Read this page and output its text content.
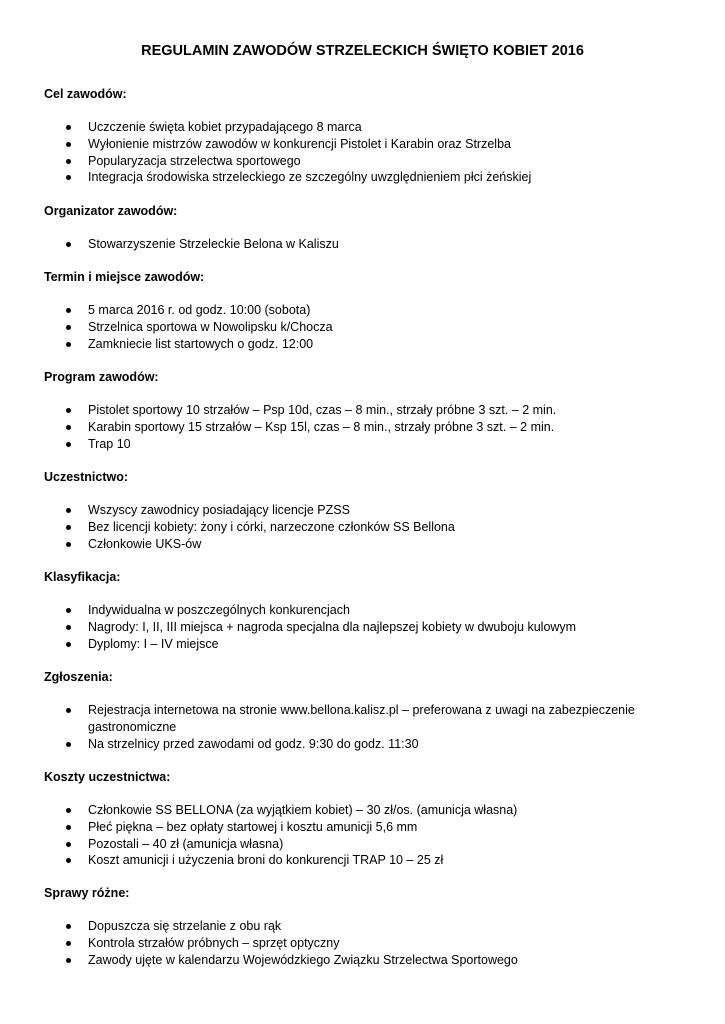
REGULAMIN ZAWODÓW STRZELECKICH ŚWIĘTO KOBIET 2016
Cel zawodów:
Uczczenie święta kobiet przypadającego 8 marca
Wyłonienie mistrzów zawodów w konkurencji Pistolet i Karabin oraz Strzelba
Popularyzacja strzelectwa sportowego
Integracja środowiska strzeleckiego ze szczególny uwzględnieniem płci żeńskiej
Organizator zawodów:
Stowarzyszenie Strzeleckie Belona w Kaliszu
Termin i miejsce zawodów:
5 marca 2016 r. od godz. 10:00 (sobota)
Strzelnica sportowa w Nowolipsku k/Chocza
Zamkniecie list startowych o godz. 12:00
Program zawodów:
Pistolet sportowy 10 strzałów – Psp 10d, czas – 8 min., strzały próbne 3 szt. – 2 min.
Karabin sportowy 15 strzałów – Ksp 15l, czas – 8 min., strzały próbne 3 szt. – 2 min.
Trap 10
Uczestnictwo:
Wszyscy zawodnicy posiadający licencje PZSS
Bez licencji kobiety: żony i córki, narzeczone członków SS Bellona
Członkowie UKS-ów
Klasyfikacja:
Indywidualna w poszczególnych konkurencjach
Nagrody: I, II, III miejsca + nagroda specjalna dla najlepszej kobiety w dwuboju kulowym
Dyplomy: I – IV miejsce
Zgłoszenia:
Rejestracja internetowa na stronie www.bellona.kalisz.pl – preferowana z uwagi na zabezpieczenie gastronomiczne
Na strzelnicy przed zawodami od godz. 9:30 do godz. 11:30
Koszty uczestnictwa:
Członkowie SS BELLONA (za wyjątkiem kobiet) – 30 zł/os. (amunicja własna)
Płeć piękna – bez opłaty startowej i kosztu amunicji 5,6 mm
Pozostali – 40 zł (amunicja własna)
Koszt amunicji i użyczenia broni do konkurencji TRAP 10 – 25 zł
Sprawy różne:
Dopuszcza się strzelanie z obu rąk
Kontrola strzałów próbnych – sprzęt optyczny
Zawody ujęte w kalendarzu Wojewódzkiego Związku Strzelectwa Sportowego
